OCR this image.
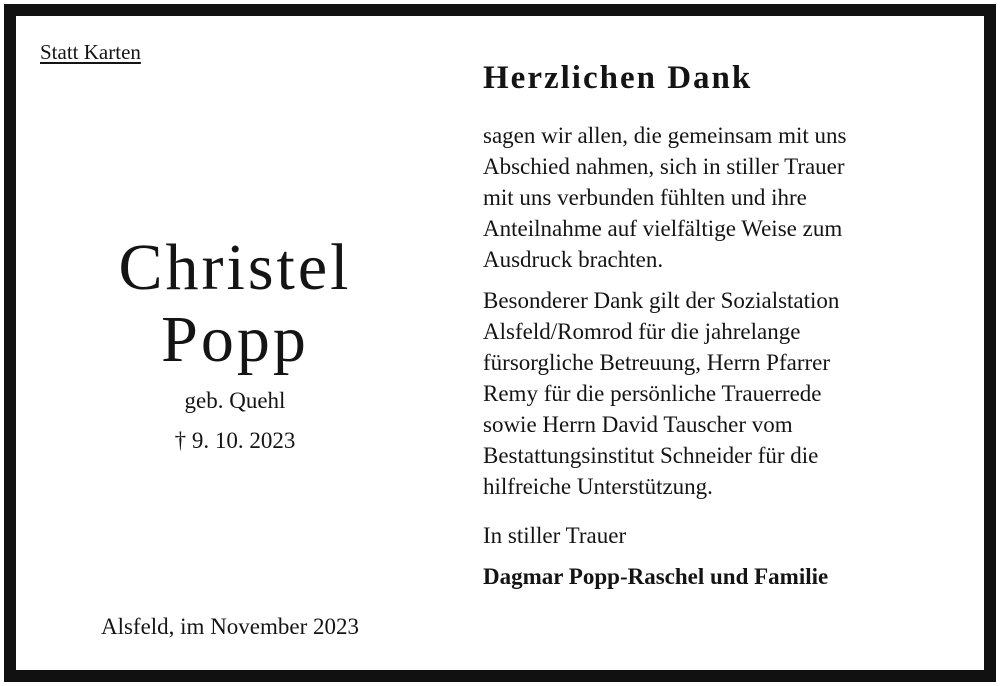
Statt Karten
Christel
Popp
geb. Quehl
† 9. 10. 2023
Alsfeld, im November 2023
Herzlichen Dank
sagen wir allen, die gemeinsam mit uns
Abschied nahmen, sich in stiller Trauer
mit uns verbunden fühlten und ihre
Anteilnahme auf vielfältige Weise zum
Ausdruck brachten.
Besonderer Dank gilt der Sozialstation
Alsfeld/Romrod für die jahrelange
fürsorgliche Betreuung, Herrn Pfarrer
Remy für die persönliche Trauerrede
sowie Herrn David Tauscher vom
Bestattungsinstitut Schneider für die
hilfreiche Unterstützung.
In stiller Trauer
Dagmar Popp-Raschel und Familie
